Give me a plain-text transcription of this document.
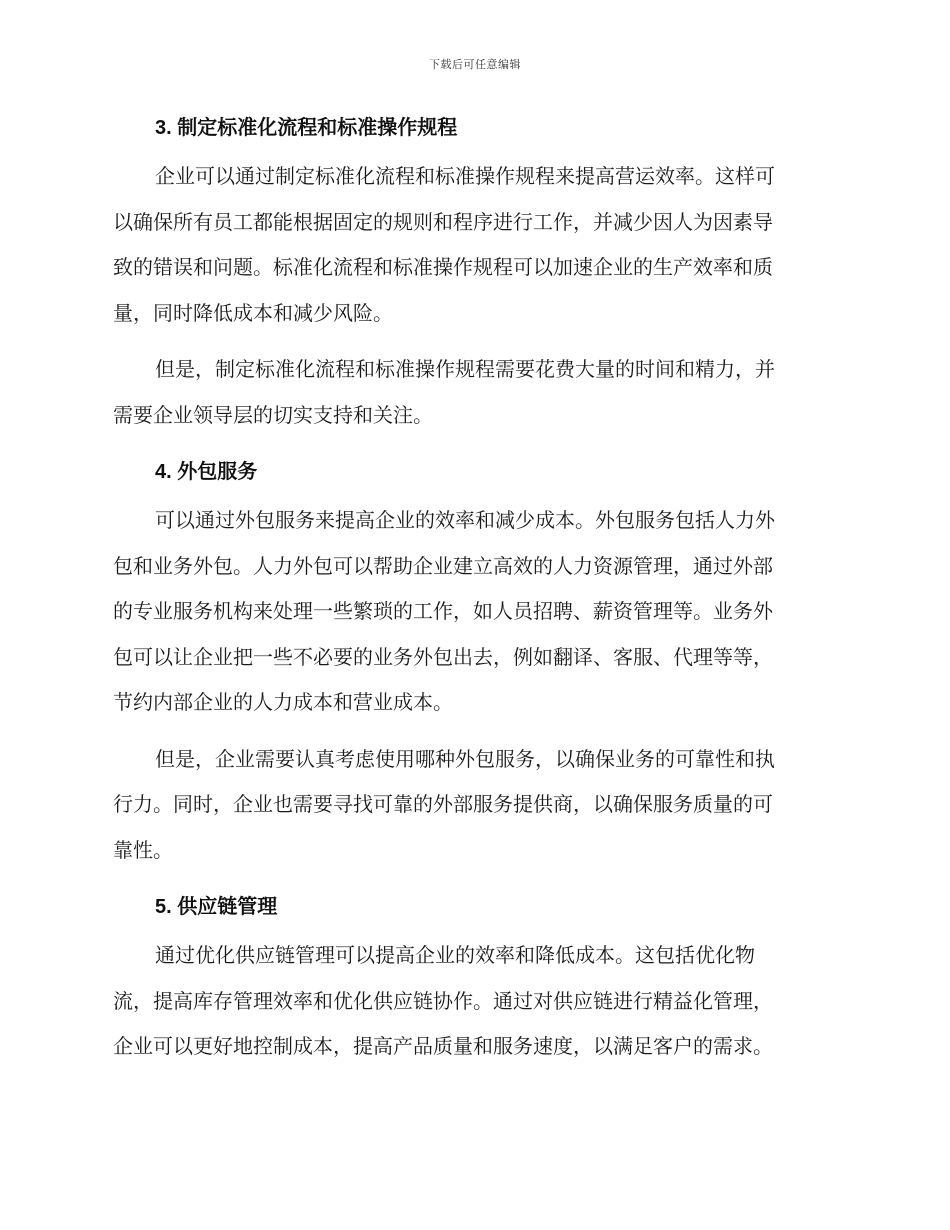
下载后可任意编辑
3. 制定标准化流程和标准操作规程

企业可以通过制定标准化流程和标准操作规程来提高营运效率。这样可
以确保所有员工都能根据固定的规则和程序进行工作，并减少因人为因素导
致的错误和问题。标准化流程和标准操作规程可以加速企业的生产效率和质
量，同时降低成本和减少风险。

但是，制定标准化流程和标准操作规程需要花费大量的时间和精力，并
需要企业领导层的切实支持和关注。

4. 外包服务

可以通过外包服务来提高企业的效率和减少成本。外包服务包括人力外
包和业务外包。人力外包可以帮助企业建立高效的人力资源管理，通过外部
的专业服务机构来处理一些繁琐的工作，如人员招聘、薪资管理等。业务外
包可以让企业把一些不必要的业务外包出去，例如翻译、客服、代理等等，
节约内部企业的人力成本和营业成本。

但是，企业需要认真考虑使用哪种外包服务，以确保业务的可靠性和执
行力。同时，企业也需要寻找可靠的外部服务提供商，以确保服务质量的可
靠性。

5. 供应链管理

通过优化供应链管理可以提高企业的效率和降低成本。这包括优化物
流，提高库存管理效率和优化供应链协作。通过对供应链进行精益化管理，
企业可以更好地控制成本，提高产品质量和服务速度，以满足客户的需求。
